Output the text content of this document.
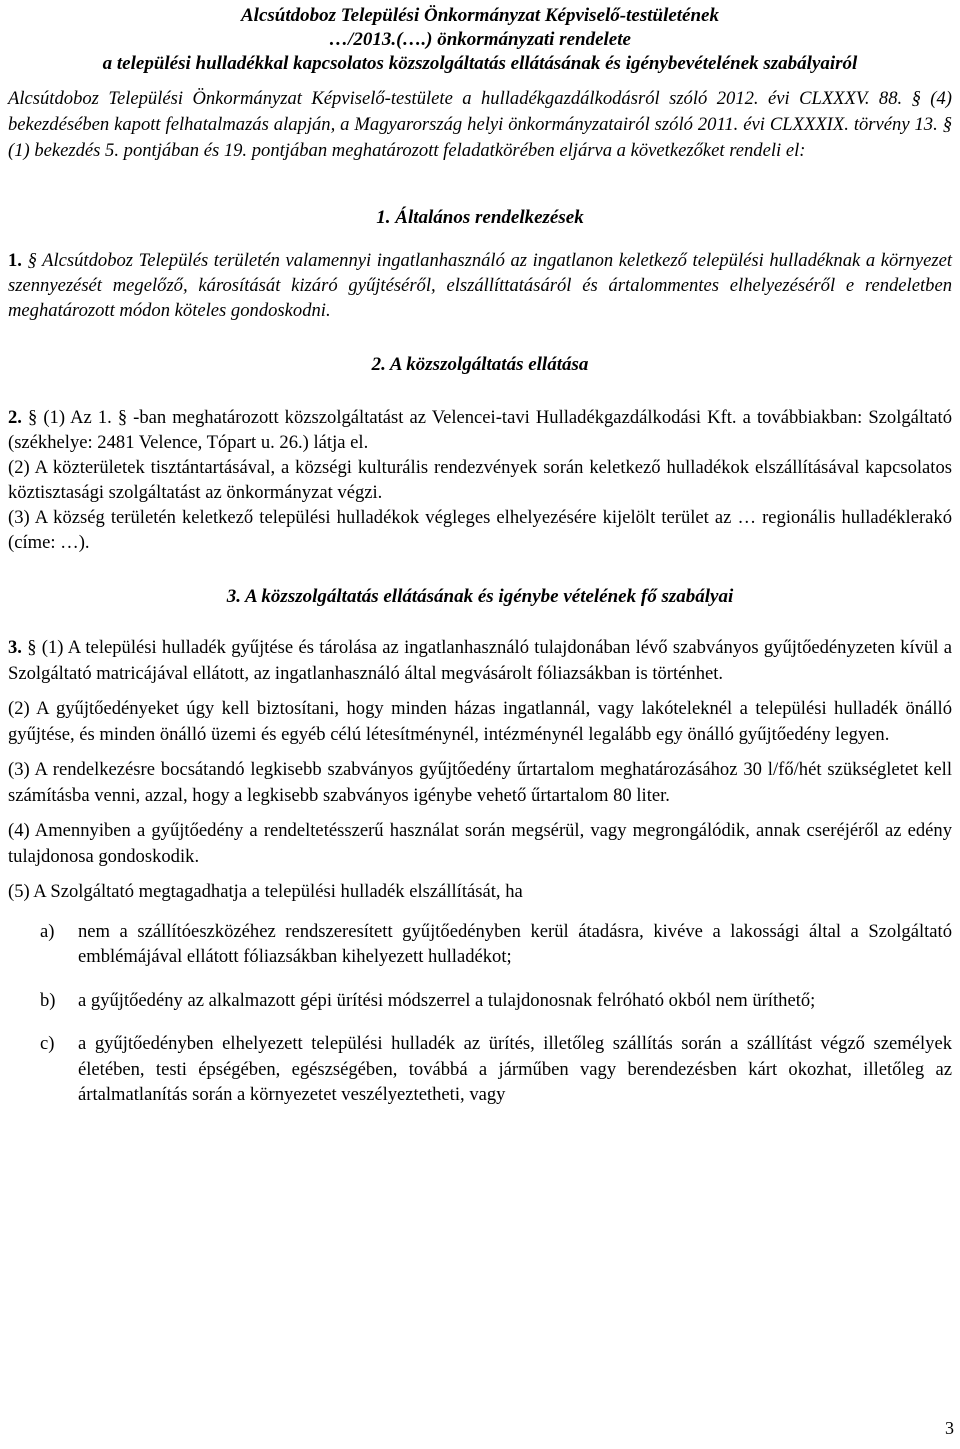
Alcsútdoboz Települési Önkormányzat Képviselő-testületének

…/2013.(….) önkormányzati rendelete

a települési hulladékkal kapcsolatos közszolgáltatás ellátásának és igénybevételének szabályairól

Alcsútdoboz Települési Önkormányzat Képviselő-testülete a hulladékgazdálkodásról szóló 2012. évi CLXXXV. 88. § (4) bekezdésében kapott felhatalmazás alapján, a Magyarország helyi önkormányzatairól szóló 2011. évi CLXXXIX. törvény 13. § (1) bekezdés 5. pontjában és 19. pontjában meghatározott feladatkörében eljárva a következőket rendeli el:

1. Általános rendelkezések

1. § Alcsútdoboz Település területén valamennyi ingatlanhasználó az ingatlanon keletkező települési hulladéknak a környezet szennyezését megelőző, károsítását kizáró gyűjtéséről, elszállíttatásáról és ártalommentes elhelyezéséről e rendeletben meghatározott módon köteles gondoskodni.

2. A közszolgáltatás ellátása

2. § (1) Az 1. § -ban meghatározott közszolgáltatást az Velencei-tavi Hulladékgazdálkodási Kft. a továbbiakban: Szolgáltató (székhelye: 2481 Velence, Tópart u. 26.) látja el.

(2) A közterületek tisztántartásával, a községi kulturális rendezvények során keletkező hulladékok elszállításával kapcsolatos köztisztasági szolgáltatást az önkormányzat végzi.

(3) A község területén keletkező települési hulladékok végleges elhelyezésére kijelölt terület az … regionális hulladéklerakó (címe: …).

3. A közszolgáltatás ellátásának és igénybe vételének fő szabályai

3. § (1) A települési hulladék gyűjtése és tárolása az ingatlanhasználó tulajdonában lévő szabványos gyűjtőedényzeten kívül a Szolgáltató matricájával ellátott, az ingatlanhasználó által megvásárolt fóliazsákban is történhet.

(2) A gyűjtőedényeket úgy kell biztosítani, hogy minden házas ingatlannál, vagy lakóteleknél a települési hulladék önálló gyűjtése, és minden önálló üzemi és egyéb célú létesítménynél, intézménynél legalább egy önálló gyűjtőedény legyen.

(3) A rendelkezésre bocsátandó legkisebb szabványos gyűjtőedény űrtartalom meghatározásához 30 l/fő/hét szükségletet kell számításba venni, azzal, hogy a legkisebb szabványos igénybe vehető űrtartalom 80 liter.

(4) Amennyiben a gyűjtőedény a rendeltetésszerű használat során megsérül, vagy megrongálódik, annak cseréjéről az edény tulajdonosa gondoskodik.

(5) A Szolgáltató megtagadhatja a települési hulladék elszállítását, ha

a)	nem a szállítóeszközéhez rendszeresített gyűjtőedényben kerül átadásra, kivéve a lakossági által a Szolgáltató emblémájával ellátott fóliazsákban kihelyezett hulladékot;
b)	a gyűjtőedény az alkalmazott gépi ürítési módszerrel a tulajdonosnak felróható okból nem üríthető;
c)	a gyűjtőedényben elhelyezett települési hulladék az ürítés, illetőleg szállítás során a szállítást végző személyek életében, testi épségében, egészségében, továbbá a járműben vagy berendezésben kárt okozhat, illetőleg az ártalmatlanítás során a környezetet veszélyeztetheti, vagy
3
